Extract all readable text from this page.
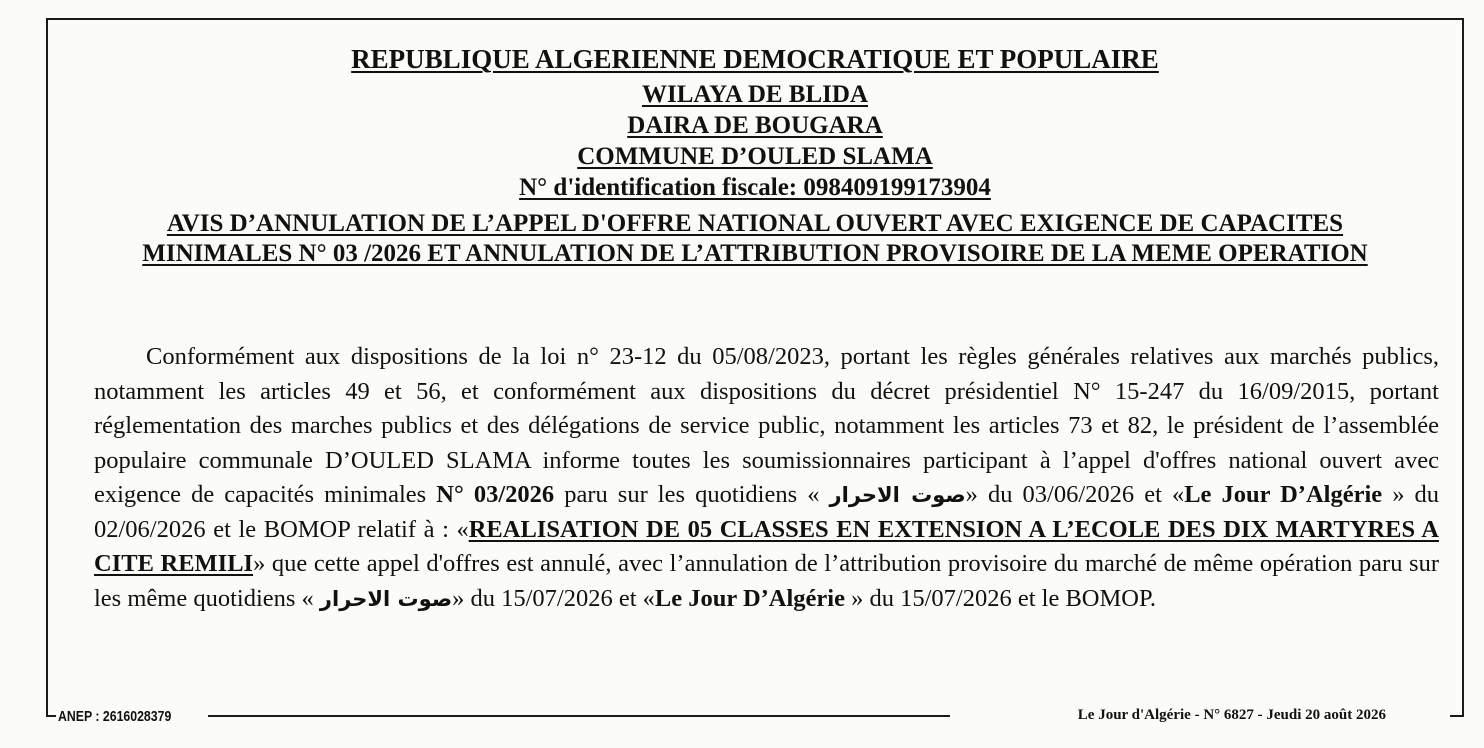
REPUBLIQUE ALGERIENNE DEMOCRATIQUE ET POPULAIRE
WILAYA DE BLIDA
DAIRA DE BOUGARA
COMMUNE D’OULED SLAMA
N° d'identification fiscale: 098409199173904
AVIS D’ANNULATION DE L’APPEL D'OFFRE NATIONAL OUVERT AVEC EXIGENCE DE CAPACITES
MINIMALES N° 03 /2026 ET ANNULATION DE L’ATTRIBUTION PROVISOIRE DE LA MEME OPERATION
Conformément aux dispositions de la loi n° 23-12 du 05/08/2023, portant les règles générales relatives aux marchés publics, notamment les articles 49 et 56, et conformément aux dispositions du décret présidentiel N° 15-247 du 16/09/2015, portant réglementation des marches publics et des délégations de service public, notamment les articles 73 et 82, le président de l’assemblée populaire communale D’OULED SLAMA informe toutes les soumissionnaires participant à l’appel d'offres national ouvert avec exigence de capacités minimales N° 03/2026 paru sur les quotidiens « صوت الاحرار» du 03/06/2026 et «Le Jour D’Algérie » du 02/06/2026 et le BOMOP relatif à : «REALISATION DE 05 CLASSES EN EXTENSION A L’ECOLE DES DIX MARTYRES A CITE REMILI» que cette appel d'offres est annulé, avec l’annulation de l’attribution provisoire du marché de même opération paru sur les même quotidiens « صوت الاحرار» du 15/07/2026 et «Le Jour D’Algérie » du 15/07/2026 et le BOMOP.
ANEP : 2616028379	Le Jour d'Algérie - N° 6827 - Jeudi 20 août 2026
